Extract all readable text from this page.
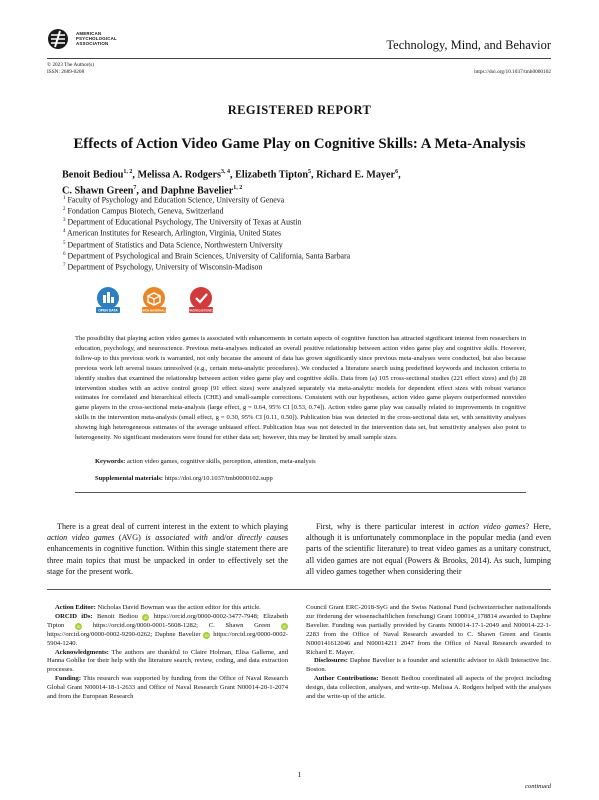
AMERICAN
PSYCHOLOGICAL
ASSOCIATION	Technology, Mind, and Behavior
© 2023 The Author(s)
ISSN: 2689-0208	https://doi.org/10.1037/tmb0000102
REGISTERED REPORT
Effects of Action Video Game Play on Cognitive Skills: A Meta-Analysis
Benoit Bediou$^{1, 2}$, Melissa A. Rodgers$^{3, 4}$, Elizabeth Tipton$^5$, Richard E. Mayer$^6$,
C. Shawn Green$^7$, and Daphne Bavelier$^{1, 2}$
$^1$ Faculty of Psychology and Education Science, University of Geneva
$^2$ Fondation Campus Biotech, Geneva, Switzerland
$^3$ Department of Educational Psychology, The University of Texas at Austin
$^4$ American Institutes for Research, Arlington, Virginia, United States
$^5$ Department of Statistics and Data Science, Northwestern University
$^6$ Department of Psychological and Brain Sciences, University of California, Santa Barbara
$^7$ Department of Psychology, University of Wisconsin-Madison
OPEN DATA	OPEN MATERIALS	PREREGISTERED
The possibility that playing action video games is associated with enhancements in certain aspects of cognitive function has attracted significant interest from researchers in education, psychology, and neuroscience. Previous meta-analyses indicated an overall positive relationship between action video game play and cognitive skills. However, follow-up to this previous work is warranted, not only because the amount of data has grown significantly since previous meta-analyses were conducted, but also because previous work left several issues unresolved (e.g., certain meta-analytic procedures). We conducted a literature search using predefined keywords and inclusion criteria to identify studies that examined the relationship between action video game play and cognitive skills. Data from (a) 105 cross-sectional studies (221 effect sizes) and (b) 28 intervention studies with an active control group (91 effect sizes) were analyzed separately via meta-analytic models for dependent effect sizes with robust variance estimates for correlated and hierarchical effects (CHE) and small-sample corrections. Consistent with our hypotheses, action video game players outperformed nonvideo game players in the cross-sectional meta-analysis (large effect, g = 0.64, 95% CI [0.53, 0.74]). Action video game play was causally related to improvements in cognitive skills in the intervention meta-analysis (small effect, g = 0.30, 95% CI [0.11, 0.50]). Publication bias was detected in the cross-sectional data set, with sensitivity analyses showing high heterogeneous estimates of the average unbiased effect. Publication bias was not detected in the intervention data set, but sensitivity analyses also point to heterogeneity. No significant moderators were found for either data set; however, this may be limited by small sample sizes.
Keywords: action video games, cognitive skills, perception, attention, meta-analysis
Supplemental materials: https://doi.org/10.1037/tmb0000102.supp
There is a great deal of current interest in the extent to which playing action video games (AVG) is associated with and/or directly causes enhancements in cognitive function. Within this single statement there are three main topics that must be unpacked in order to effectively set the stage for the present work.
First, why is there particular interest in action video games? Here, although it is unfortunately commonplace in the popular media (and even parts of the scientific literature) to treat video games as a unitary construct, all video games are not equal (Powers & Brooks, 2014). As such, lumping all video games together when considering their

Action Editor: Nicholas David Bowman was the action editor for this article.

ORCID iDs: Benoit Bediou iD https://orcid.org/0000-0002-3477-7948; Elizabeth Tipton	iD https://orcid.org/0000-0001-5608-1282; C. Shawn Green	iD https://orcid.org/0000-0002-9290-0262; Daphne Bavelier iD https://orcid.org/0000-0002-5904-1240.

Acknowledgments: The authors are thankful to Claire Holman, Elisa Galleme, and Hanna Gohlke for their help with the literature search, review, coding, and data extraction processes.

Funding: This research was supported by funding from the Office of Naval Research Global Grant N00014-18-1-2633 and Office of Naval Research Grant N00014-20-1-2074 and from the European Research

Council Grant ERC-2018-SyG and the Swiss National Fund (schweizerischer nationalfonds zur förderung der wissenschaftlichen forschung) Grant 100014_178814 awarded to Daphne Bavelier. Funding was partially provided by Grants N00014-17-1-2049 and N00014-22-1-2283 from the Office of Naval Research awarded to C. Shawn Green and Grants N000141612046 and N00014211 2047 from the Office of Naval Research awarded to Richard E. Mayer.

Disclosures: Daphne Bavelier is a founder and scientific advisor to Akili Interactive Inc. Boston.

Author Contributions: Benoit Bediou coordinated all aspects of the project including design, data collection, analyses, and write-up. Melissa A. Rodgers helped with the analyses and the write-up of the article.

continued
1
